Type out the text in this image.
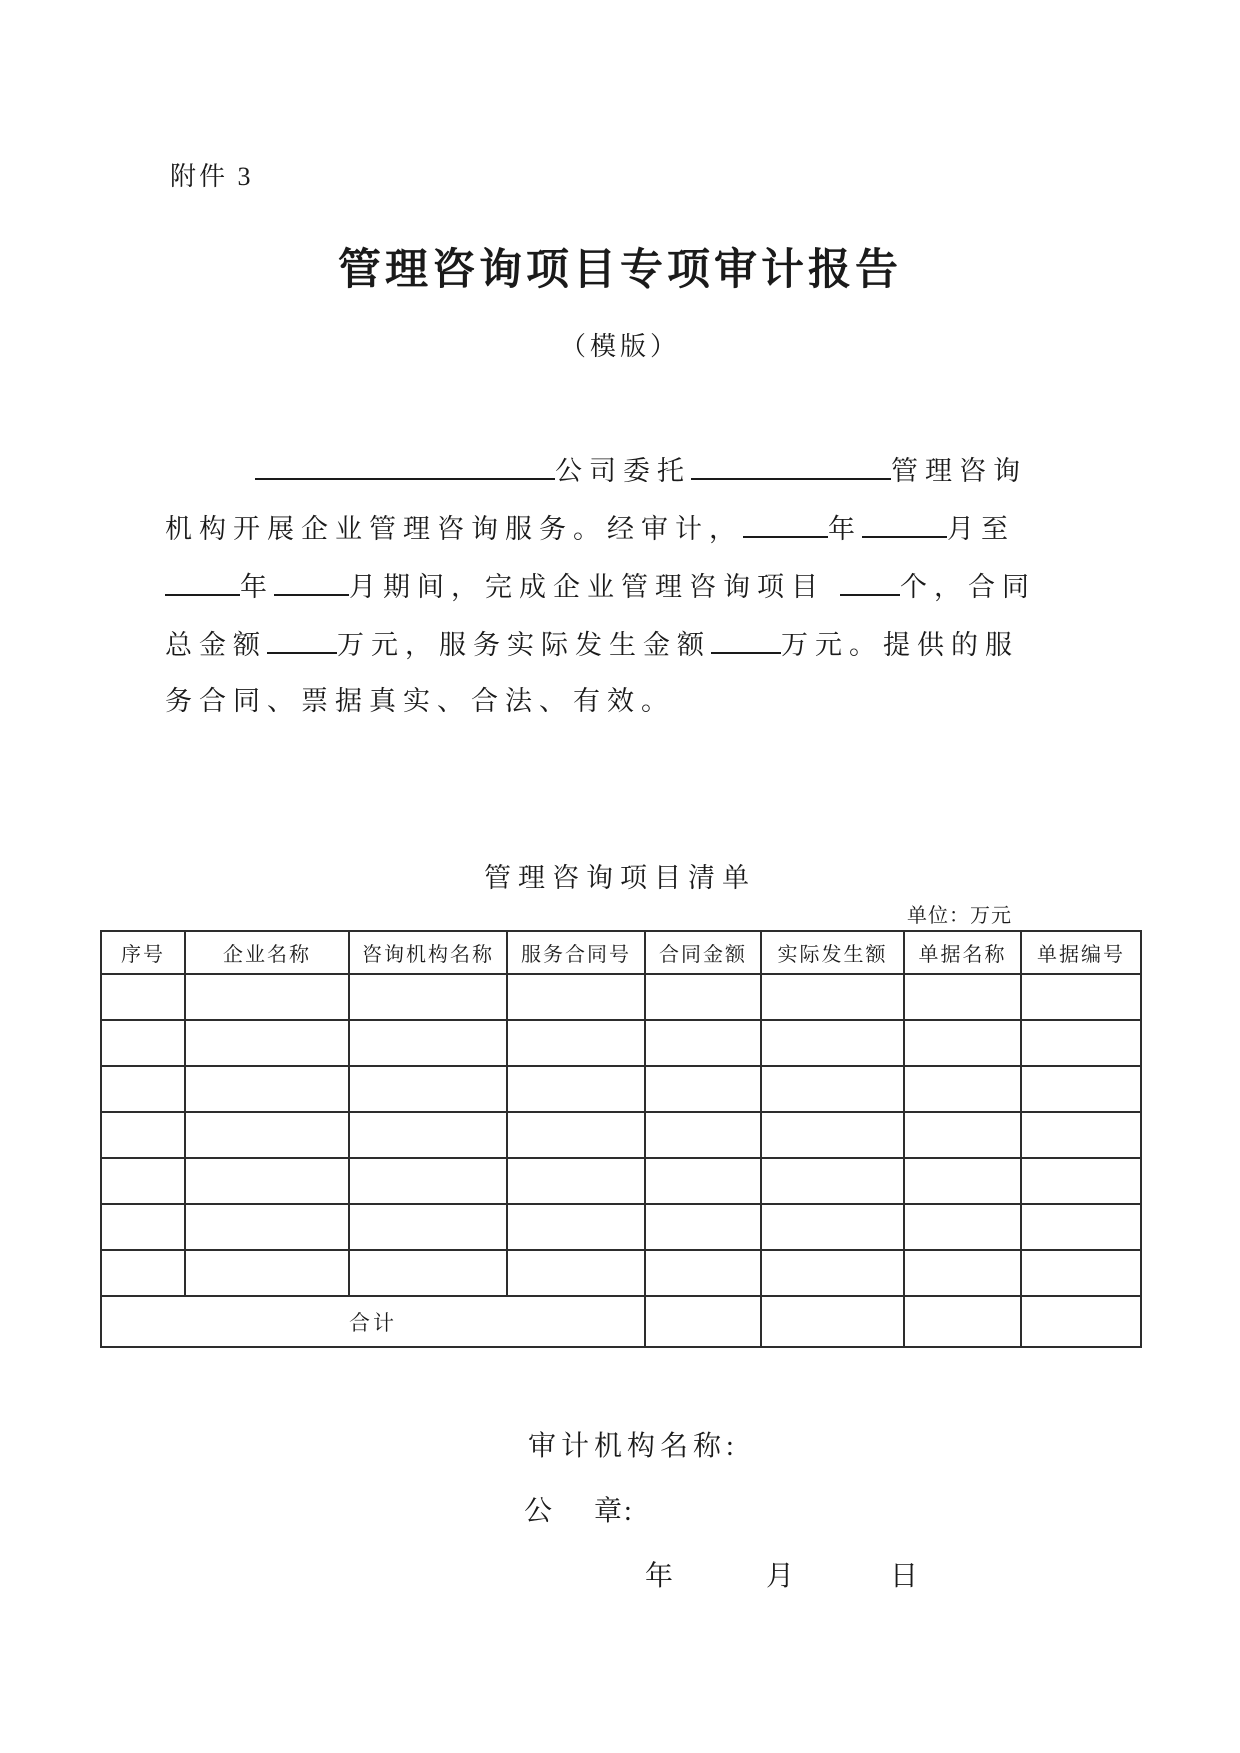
附件 3
管理咨询项目专项审计报告
（模版）
公司委托	管理咨询
机构开展企业管理咨询服务。经审计，	年	月至
年	月期间，完成企业管理咨询项目	个，合同
总金额	万元，服务实际发生金额	万元。提供的服
务合同、票据真实、合法、有效。
管理咨询项目清单
单位：万元
序号	企业名称	咨询机构名称	服务合同号	合同金额	实际发生额	单据名称	单据编号

合计							
审计机构名称:
公 章:
年	月	日
